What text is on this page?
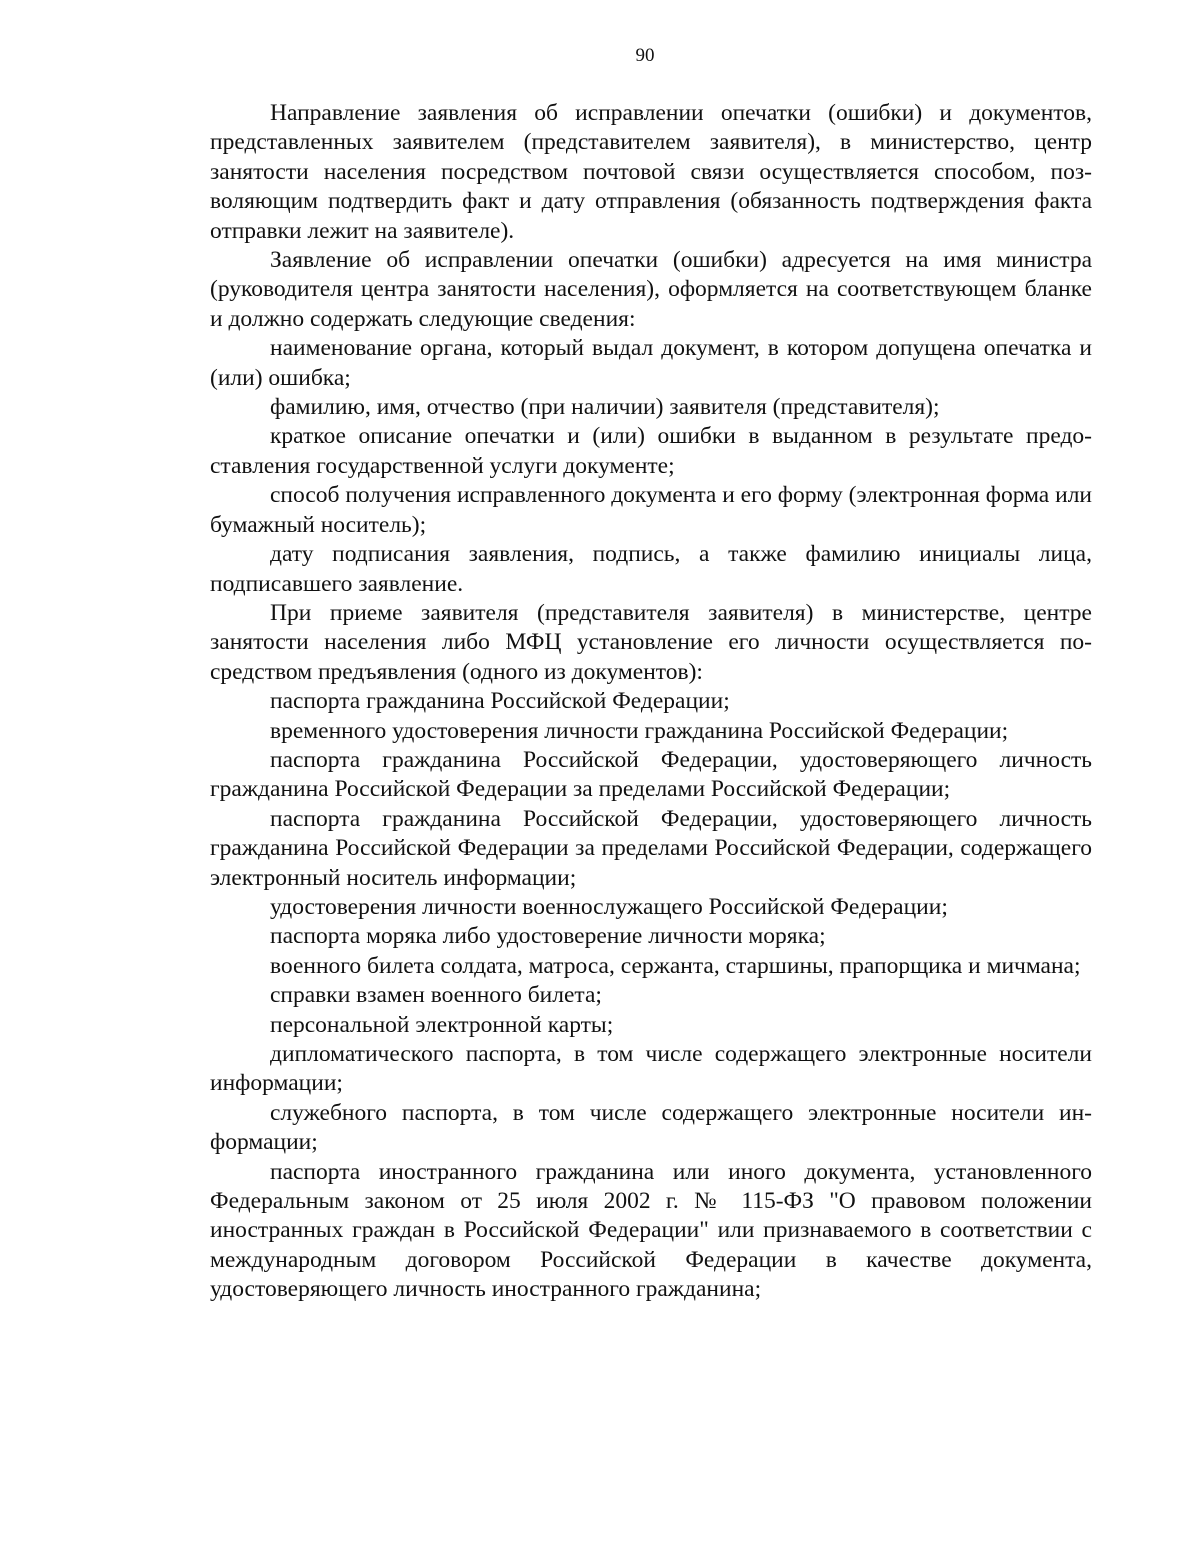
90

Направление заявления об исправлении опечатки (ошибки) и документов, представленных заявителем (представителем заявителя), в министерство, центр занятости населения посредством почтовой связи осуществляется способом, позволяющим подтвердить факт и дату отправления (обязанность подтверждения факта отправки лежит на заявителе).

Заявление об исправлении опечатки (ошибки) адресуется на имя министра (руководителя центра занятости населения), оформляется на соответствующем бланке и должно содержать следующие сведения:

наименование органа, который выдал документ, в котором допущена опечатка и (или) ошибка;

фамилию, имя, отчество (при наличии) заявителя (представителя);

краткое описание опечатки и (или) ошибки в выданном в результате предоставления государственной услуги документе;

способ получения исправленного документа и его форму (электронная форма или бумажный носитель);

дату подписания заявления, подпись, а также фамилию инициалы лица, подписавшего заявление.

При приеме заявителя (представителя заявителя) в министерстве, центре занятости населения либо МФЦ установление его личности осуществляется посредством предъявления (одного из документов):

паспорта гражданина Российской Федерации;

временного удостоверения личности гражданина Российской Федерации;

паспорта гражданина Российской Федерации, удостоверяющего личность гражданина Российской Федерации за пределами Российской Федерации;

паспорта гражданина Российской Федерации, удостоверяющего личность гражданина Российской Федерации за пределами Российской Федерации, содержащего электронный носитель информации;

удостоверения личности военнослужащего Российской Федерации;

паспорта моряка либо удостоверение личности моряка;

военного билета солдата, матроса, сержанта, старшины, прапорщика и мичмана;

справки взамен военного билета;

персональной электронной карты;

дипломатического паспорта, в том числе содержащего электронные носители информации;

служебного паспорта, в том числе содержащего электронные носители информации;

паспорта иностранного гражданина или иного документа, установленного Федеральным законом от 25 июля 2002 г. № 115-ФЗ "О правовом положении иностранных граждан в Российской Федерации" или признаваемого в соответствии с международным договором Российской Федерации в качестве документа, удостоверяющего личность иностранного гражданина;
